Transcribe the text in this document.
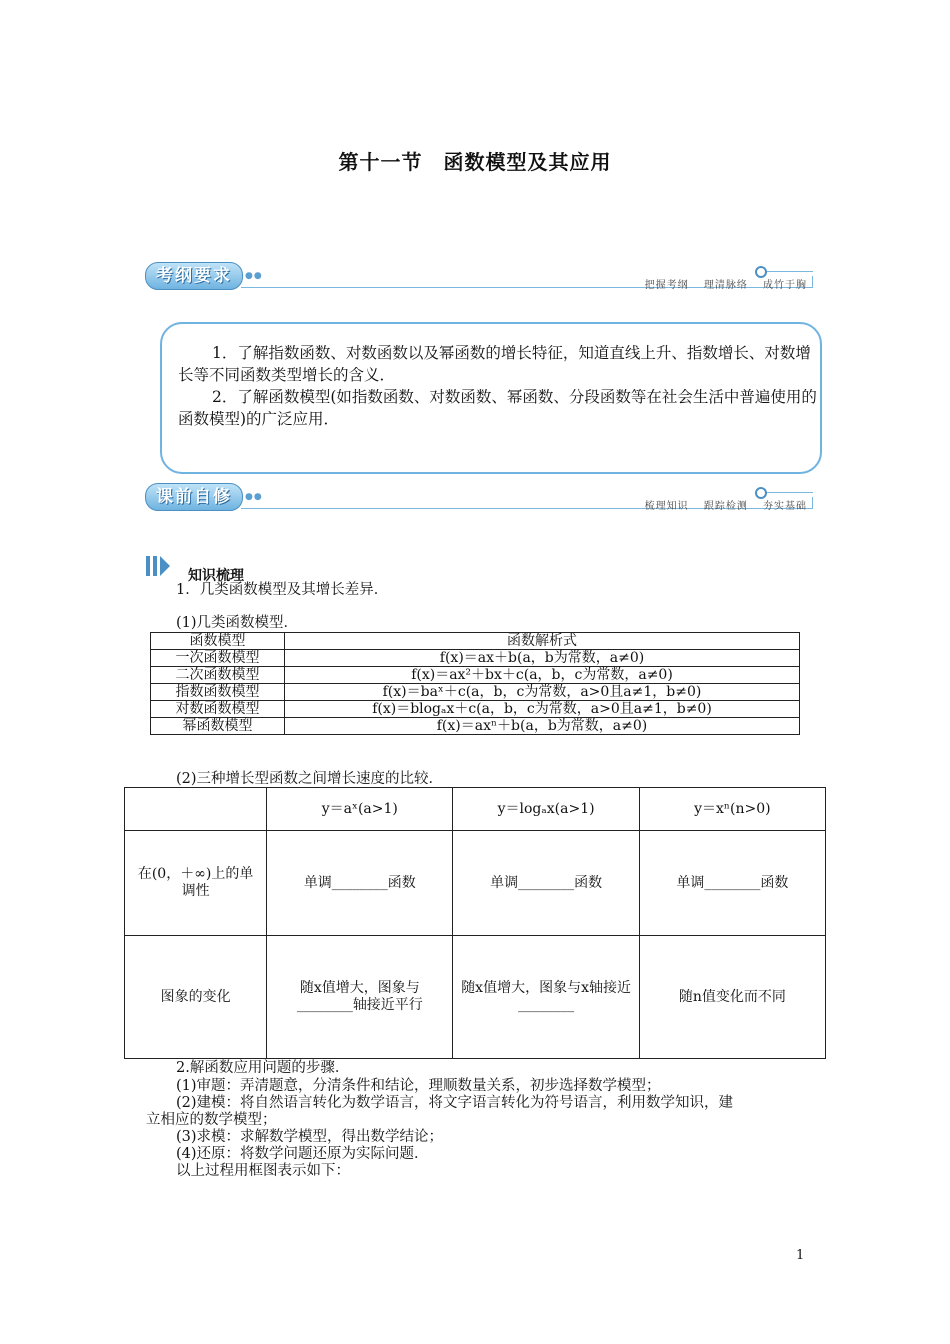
第十一节　函数模型及其应用
考纲要求	●●
把握考纲　 理清脉络　 成竹于胸

1．了解指数函数、对数函数以及幂函数的增长特征，知道直线上升、指数增长、对数增长等不同函数类型增长的含义．

2．了解函数模型(如指数函数、对数函数、幂函数、分段函数等在社会生活中普遍使用的函数模型)的广泛应用．

课前自修	●●
梳理知识　 跟踪检测　 夯实基础
知识梳理
1．几类函数模型及其增长差异．
(1)几类函数模型．
函数模型	函数解析式
一次函数模型	f(x)＝ax＋b(a，b为常数，a≠0)
二次函数模型	f(x)＝ax²＋bx＋c(a，b，c为常数，a≠0)
指数函数模型	f(x)＝baˣ＋c(a，b，c为常数，a>0且a≠1，b≠0)
对数函数模型	f(x)＝blogₐx＋c(a，b，c为常数，a>0且a≠1，b≠0)
幂函数模型	f(x)＝axⁿ＋b(a，b为常数，a≠0)
(2)三种增长型函数之间增长速度的比较．
	y＝aˣ(a>1)	y＝logₐx(a>1)	y＝xⁿ(n>0)
在(0，＋∞)上的单调性	单调________函数	单调________函数	单调________函数
图象的变化	随x值增大，图象与________轴接近平行	随x值增大，图象与x轴接近________	随n值变化而不同
2.解函数应用问题的步骤．
(1)审题：弄清题意，分清条件和结论，理顺数量关系，初步选择数学模型；
(2)建模：将自然语言转化为数学语言，将文字语言转化为符号语言，利用数学知识，建
立相应的数学模型；
(3)求模：求解数学模型，得出数学结论；
(4)还原：将数学问题还原为实际问题．
以上过程用框图表示如下：
1
